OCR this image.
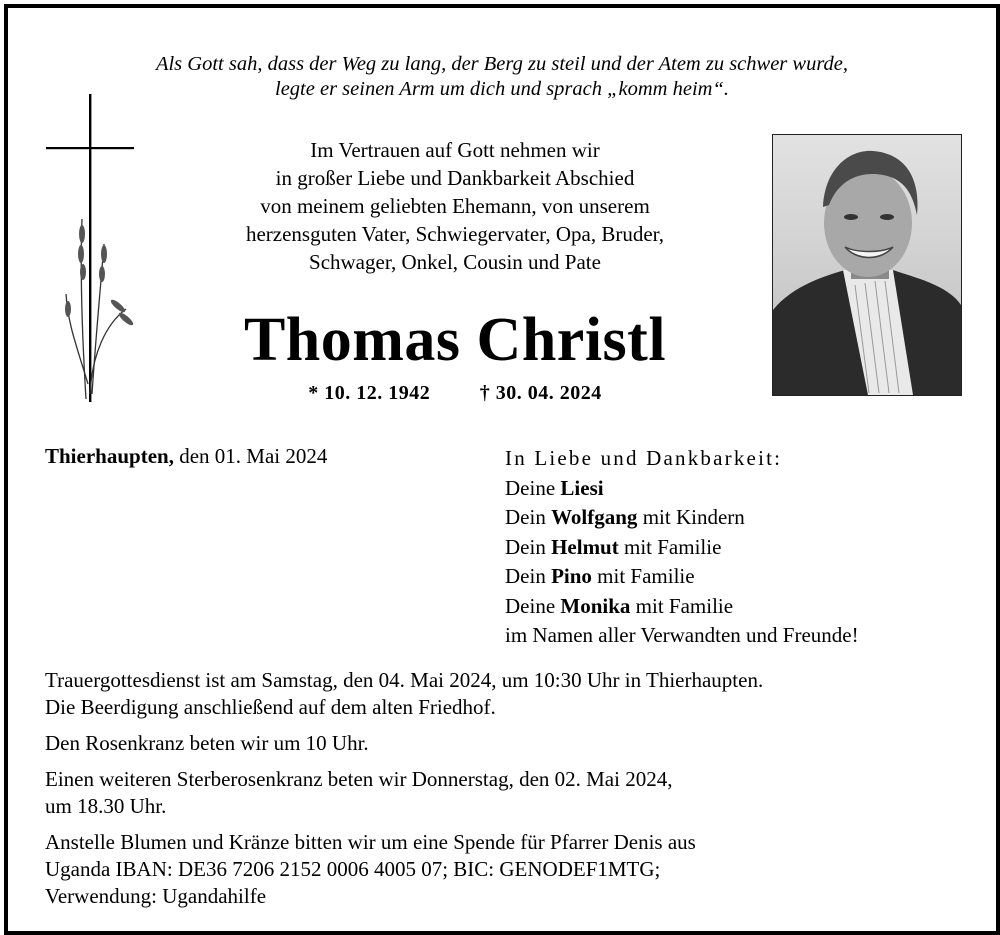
Als Gott sah, dass der Weg zu lang, der Berg zu steil und der Atem zu schwer wurde,
legte er seinen Arm um dich und sprach „komm heim“.
Im Vertrauen auf Gott nehmen wir
in großer Liebe und Dankbarkeit Abschied
von meinem geliebten Ehemann, von unserem
herzensguten Vater, Schwiegervater, Opa, Bruder,
Schwager, Onkel, Cousin und Pate
Thomas Christl
* 10. 12. 1942 † 30. 04. 2024
Thierhaupten, den 01. Mai 2024	In Liebe und Dankbarkeit:
Deine Liesi
Dein Wolfgang mit Kindern
Dein Helmut mit Familie
Dein Pino mit Familie
Deine Monika mit Familie
im Namen aller Verwandten und Freunde!

Trauergottesdienst ist am Samstag, den 04. Mai 2024, um 10:30 Uhr in Thierhaupten.
Die Beerdigung anschließend auf dem alten Friedhof.

Den Rosenkranz beten wir um 10 Uhr.

Einen weiteren Sterberosenkranz beten wir Donnerstag, den 02. Mai 2024,
um 18.30 Uhr.

Anstelle Blumen und Kränze bitten wir um eine Spende für Pfarrer Denis aus
Uganda IBAN: DE36 7206 2152 0006 4005 07; BIC: GENODEF1MTG;
Verwendung: Ugandahilfe
